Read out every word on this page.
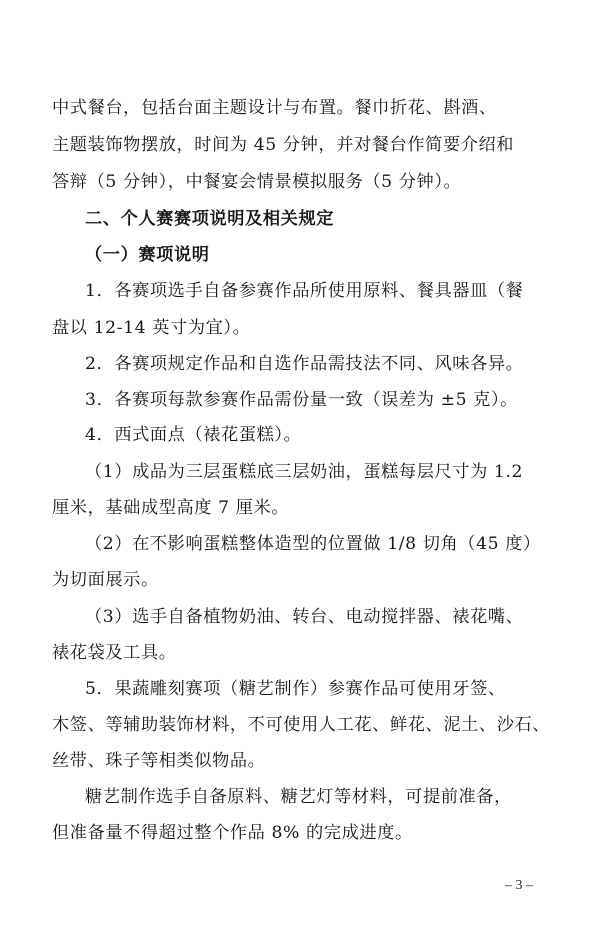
中式餐台，包括台面主题设计与布置。餐巾折花、斟酒、
主题装饰物摆放，时间为 45 分钟，并对餐台作简要介绍和
答辩（5 分钟），中餐宴会情景模拟服务（5 分钟）。
二、个人赛赛项说明及相关规定
（一）赛项说明
1．各赛项选手自备参赛作品所使用原料、餐具器皿（餐
盘以 12-14 英寸为宜）。
2．各赛项规定作品和自选作品需技法不同、风味各异。
3．各赛项每款参赛作品需份量一致（误差为 ±5 克）。
4．西式面点（裱花蛋糕）。
（1）成品为三层蛋糕底三层奶油，蛋糕每层尺寸为 1.2
厘米，基础成型高度 7 厘米。
（2）在不影响蛋糕整体造型的位置做 1/8 切角（45 度）
为切面展示。
（3）选手自备植物奶油、转台、电动搅拌器、裱花嘴、
裱花袋及工具。
5．果蔬雕刻赛项（糖艺制作）参赛作品可使用牙签、
木签、等辅助装饰材料，不可使用人工花、鲜花、泥土、沙石、
丝带、珠子等相类似物品。
糖艺制作选手自备原料、糖艺灯等材料，可提前准备，
但准备量不得超过整个作品 8% 的完成进度。
– 3 –
